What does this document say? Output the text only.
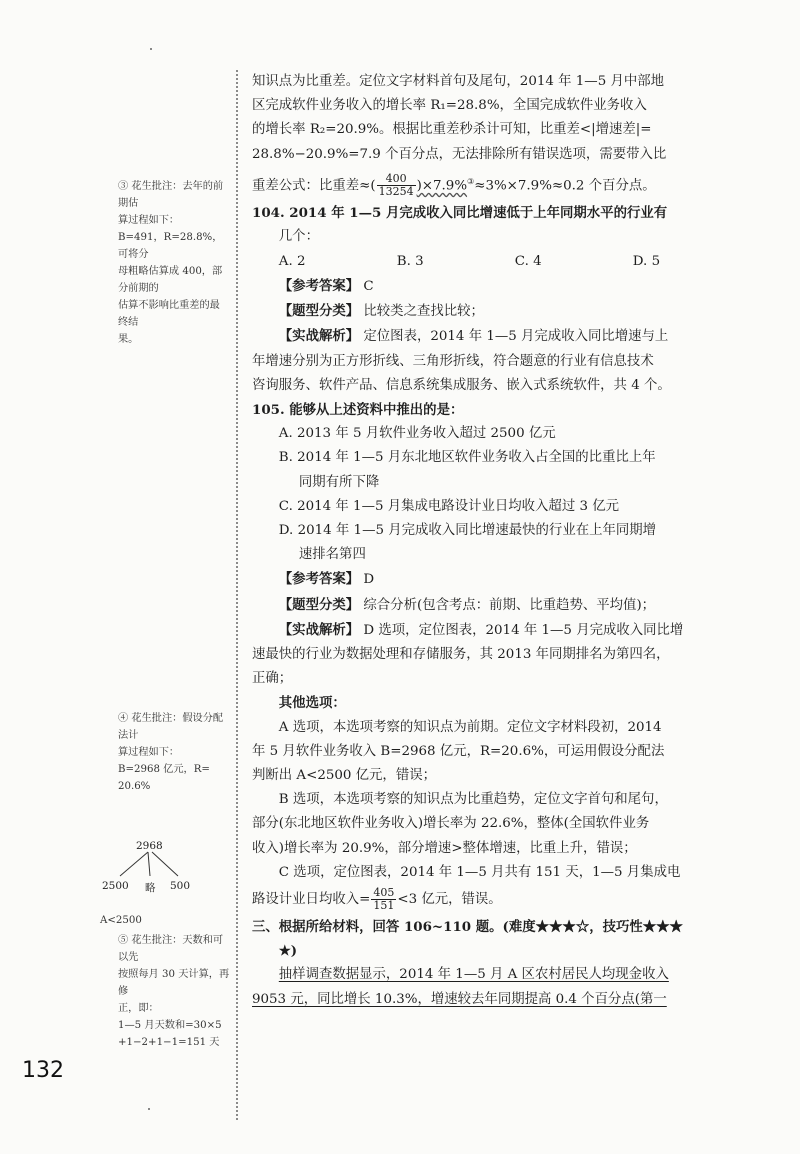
知识点为比重差。定位文字材料首句及尾句，2014 年 1—5 月中部地

区完成软件业务收入的增长率 R₁=28.8%，全国完成软件业务收入

的增长率 R₂=20.9%。根据比重差秒杀计可知，比重差<|增速差|=

28.8%−20.9%=7.9 个百分点，无法排除所有错误选项，需要带入比

重差公式：比重差≈( $\frac{400}{13254} )\times 7.9\%^③\approx 3\%\times 7.9\%\approx 0.2$ 个百分点。

104. 2014 年 1—5 月完成收入同比增速低于上年同期水平的行业有

几个：

A. 2	B. 3	C. 4	D. 5

【参考答案】 C

【题型分类】 比较类之查找比较；

【实战解析】 定位图表，2014 年 1—5 月完成收入同比增速与上

年增速分别为正方形折线、三角形折线，符合题意的行业有信息技术

咨询服务、软件产品、信息系统集成服务、嵌入式系统软件，共 4 个。

105. 能够从上述资料中推出的是：

A. 2013 年 5 月软件业务收入超过 2500 亿元

B. 2014 年 1—5 月东北地区软件业务收入占全国的比重比上年
同期有所下降

C. 2014 年 1—5 月集成电路设计业日均收入超过 3 亿元

D. 2014 年 1—5 月完成收入同比增速最快的行业在上年同期增
速排名第四

【参考答案】 D

【题型分类】 综合分析(包含考点：前期、比重趋势、平均值)；

【实战解析】 D 选项，定位图表，2014 年 1—5 月完成收入同比增

速最快的行业为数据处理和存储服务，其 2013 年同期排名为第四名，

正确；

其他选项：

A 选项，本选项考察的知识点为前期。定位文字材料段初，2014

年 5 月软件业务收入 B=2968 亿元，R=20.6%，可运用假设分配法

判断出 A<2500 亿元，错误；

B 选项，本选项考察的知识点为比重趋势，定位文字首句和尾句，

部分(东北地区软件业务收入)增长率为 22.6%，整体(全国软件业务

收入)增长率为 20.9%，部分增速>整体增速，比重上升，错误；

C 选项，定位图表，2014 年 1—5 月共有 151 天，1—5 月集成电

路设计业日均收入= $\frac{405}{151} <3$ 亿元，错误。

三、根据所给材料，回答 106~110 题。(难度★★★☆，技巧性★★★

★)

抽样调查数据显示，2014 年 1—5 月 A 区农村居民人均现金收入

9053 元，同比增长 10.3%，增速较去年同期提高 0.4 个百分点(第一

③ 花生批注：去年的前期估

算过程如下：

B=491，R=28.8%，可将分

母粗略估算成 400，部分前期的

估算不影响比重差的最终结

果。

④ 花生批注：假设分配法计

算过程如下：

B=2968 亿元，R=

20.6%

2968
2500 略 500
A<2500

⑤ 花生批注：天数和可以先

按照每月 30 天计算，再修

正，即：

1—5 月天数和=30×5

+1−2+1−1=151 天

132
